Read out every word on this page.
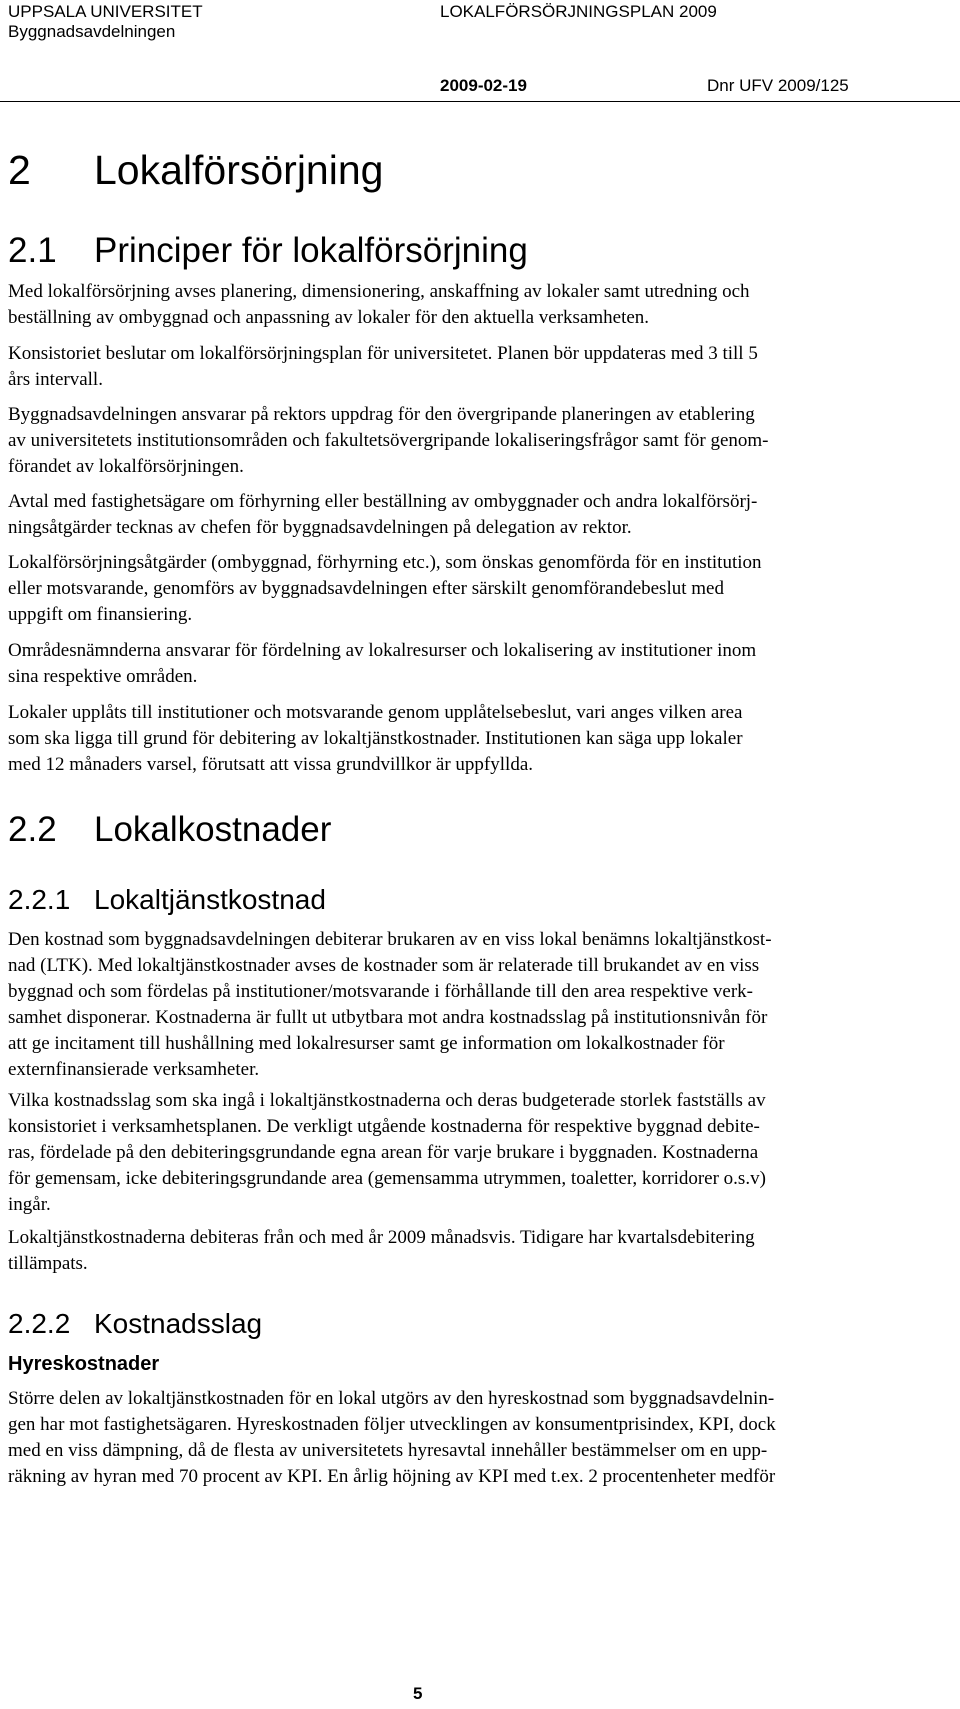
UPPSALA UNIVERSITET
Byggnadsavdelningen
LOKALFÖRSÖRJNINGSPLAN 2009
2009-02-19	Dnr UFV 2009/125
2 Lokalförsörjning
2.1 Principer för lokalförsörjning
Med lokalförsörjning avses planering, dimensionering, anskaffning av lokaler samt utredning och
beställning av ombyggnad och anpassning av lokaler för den aktuella verksamheten.
Konsistoriet beslutar om lokalförsörjningsplan för universitetet. Planen bör uppdateras med 3 till 5
års intervall.
Byggnadsavdelningen ansvarar på rektors uppdrag för den övergripande planeringen av etablering
av universitetets institutionsområden och fakultetsövergripande lokaliseringsfrågor samt för genom-
förandet av lokalförsörjningen.
Avtal med fastighetsägare om förhyrning eller beställning av ombyggnader och andra lokalförsörj-
ningsåtgärder tecknas av chefen för byggnadsavdelningen på delegation av rektor.
Lokalförsörjningsåtgärder (ombyggnad, förhyrning etc.), som önskas genomförda för en institution
eller motsvarande, genomförs av byggnadsavdelningen efter särskilt genomförandebeslut med
uppgift om finansiering.
Områdesnämnderna ansvarar för fördelning av lokalresurser och lokalisering av institutioner inom
sina respektive områden.
Lokaler upplåts till institutioner och motsvarande genom upplåtelsebeslut, vari anges vilken area
som ska ligga till grund för debitering av lokaltjänstkostnader. Institutionen kan säga upp lokaler
med 12 månaders varsel, förutsatt att vissa grundvillkor är uppfyllda.
2.2 Lokalkostnader
2.2.1 Lokaltjänstkostnad
Den kostnad som byggnadsavdelningen debiterar brukaren av en viss lokal benämns lokaltjänstkost-
nad (LTK). Med lokaltjänstkostnader avses de kostnader som är relaterade till brukandet av en viss
byggnad och som fördelas på institutioner/motsvarande i förhållande till den area respektive verk-
samhet disponerar. Kostnaderna är fullt ut utbytbara mot andra kostnadsslag på institutionsnivån för
att ge incitament till hushållning med lokalresurser samt ge information om lokalkostnader för
externfinansierade verksamheter.
Vilka kostnadsslag som ska ingå i lokaltjänstkostnaderna och deras budgeterade storlek fastställs av
konsistoriet i verksamhetsplanen. De verkligt utgående kostnaderna för respektive byggnad debite-
ras, fördelade på den debiteringsgrundande egna arean för varje brukare i byggnaden. Kostnaderna
för gemensam, icke debiteringsgrundande area (gemensamma utrymmen, toaletter, korridorer o.s.v)
ingår.
Lokaltjänstkostnaderna debiteras från och med år 2009 månadsvis. Tidigare har kvartalsdebitering
tillämpats.
2.2.2 Kostnadsslag
Hyreskostnader
Större delen av lokaltjänstkostnaden för en lokal utgörs av den hyreskostnad som byggnadsavdelnin-
gen har mot fastighetsägaren. Hyreskostnaden följer utvecklingen av konsumentprisindex, KPI, dock
med en viss dämpning, då de flesta av universitetets hyresavtal innehåller bestämmelser om en upp-
räkning av hyran med 70 procent av KPI. En årlig höjning av KPI med t.ex. 2 procentenheter medför
5
